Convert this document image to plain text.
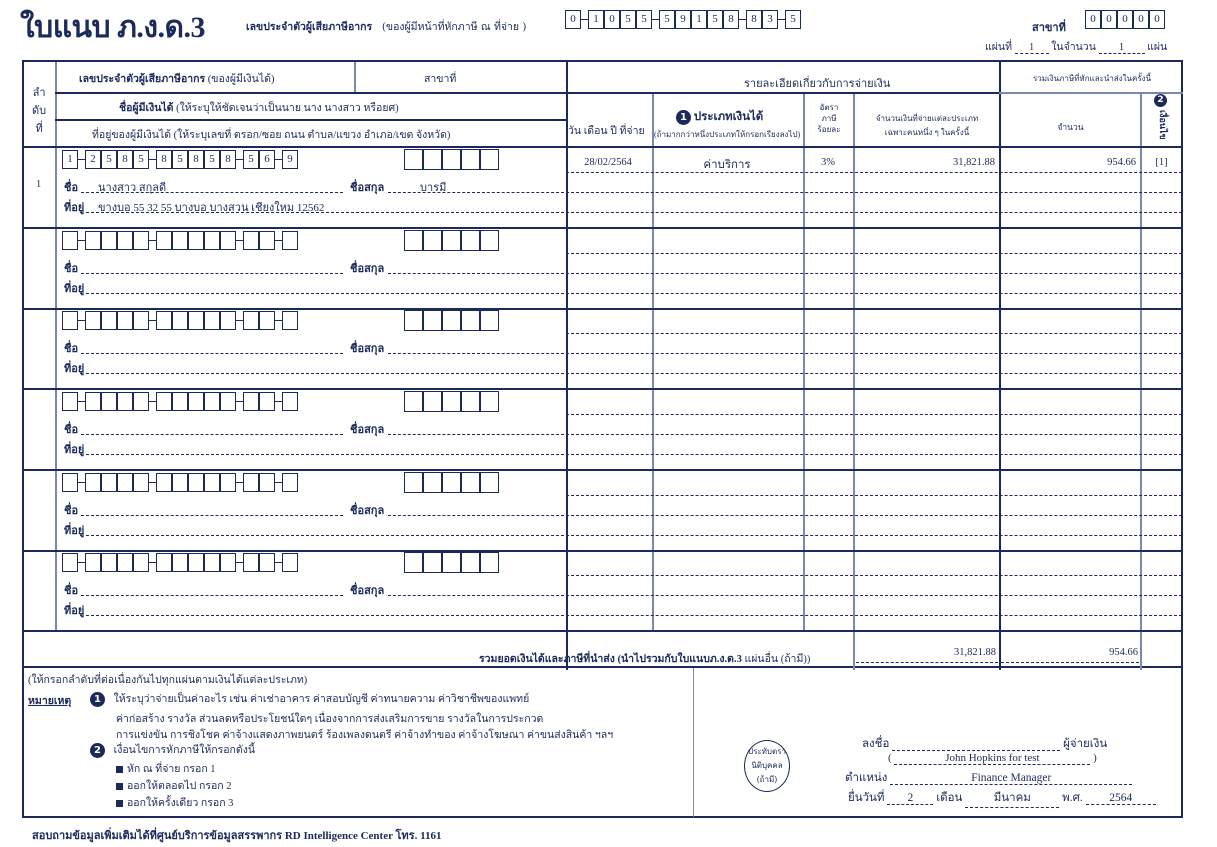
ใบแนบ ภ.ง.ด.3	เลขประจำตัวผู้เสียภาษีอากร (ของผู้มีหน้าที่หักภาษี ณ ที่จ่าย )
0 1 0 5 5 5 9 1 5 8 8 3 5
สาขาที่
0 0 0 0 0
แผ่นที่ 1 ในจำนวน 1 แผ่น
ลำ
ดับ
ที่
เลขประจำตัวผู้เสียภาษีอากร (ของผู้มีเงินได้)	สาขาที่
ชื่อผู้มีเงินได้ (ให้ระบุให้ชัดเจนว่าเป็นนาย นาง นางสาว หรือยศ)
ที่อยู่ของผู้มีเงินได้ (ให้ระบุเลขที่ ตรอก/ซอย ถนน ตำบล/แขวง อำเภอ/เขต จังหวัด)
รายละเอียดเกี่ยวกับการจ่ายเงิน
วัน เดือน ปี ที่จ่าย
1 ประเภทเงินได้
(ถ้ามากกว่าหนึ่งประเภทให้กรอกเรียงลงไป)
อัตรา
ภาษี
ร้อยละ
จำนวนเงินที่จ่ายแต่ละประเภท
เฉพาะคนหนึ่ง ๆ ในครั้งนี้
รวมเงินภาษีที่หักและนำส่งในครั้งนี้
จำนวน
2
เงื่อนไข
รวมยอดเงินได้และภาษีที่นำส่ง (นำไปรวมกับใบแนบภ.ง.ด.3 แผ่นอื่น (ถ้ามี))
31,821.88	954.66
1
1 2 5 8 5 8 5 8 5 8 5 6 9
ชื่อ นางสาว สกุลดี	ชื่อสกุล	บารมี
ที่อยู่ ขางบอ 55 32 55 บางบอ บางสวน เชียงใหม 12562
28/02/2564	ค่าบริการ	3%	31,821.88	954.66	[1]
ชื่อ	ชื่อสกุล
ที่อยู่
ชื่อ	ชื่อสกุล
ที่อยู่
ชื่อ	ชื่อสกุล
ที่อยู่
ชื่อ	ชื่อสกุล
ที่อยู่
ชื่อ	ชื่อสกุล
ที่อยู่
(ให้กรอกลำดับที่ต่อเนื่องกันไปทุกแผ่นตามเงินได้แต่ละประเภท)
หมายเหตุ	1 ให้ระบุว่าจ่ายเป็นค่าอะไร เช่น ค่าเช่าอาคาร ค่าสอบบัญชี ค่าทนายความ ค่าวิชาชีพของแพทย์
ค่าก่อสร้าง รางวัล ส่วนลดหรือประโยชน์ใดๆ เนื่องจากการส่งเสริมการขาย รางวัลในการประกวด
การแข่งขัน การชิงโชค ค่าจ้างแสดงภาพยนตร์ ร้องเพลงดนตรี ค่าจ้างทำของ ค่าจ้างโฆษณา ค่าขนส่งสินค้า ฯลฯ
2 เงื่อนไขการหักภาษีให้กรอกดังนี้
หัก ณ ที่จ่าย กรอก 1
ออกให้ตลอดไป กรอก 2
ออกให้ครั้งเดียว กรอก 3
ประทับตรา
นิติบุคคล
(ถ้ามี)
ลงชื่อ	ผู้จ่ายเงิน
(	John Hopkins for test	)
ตำแหน่ง	Finance Manager
ยื่นวันที่ 2 เดือน	มีนาคม	พ.ศ. 2564
สอบถามข้อมูลเพิ่มเติมได้ที่ศูนย์บริการข้อมูลสรรพากร RD Intelligence Center โทร. 1161
